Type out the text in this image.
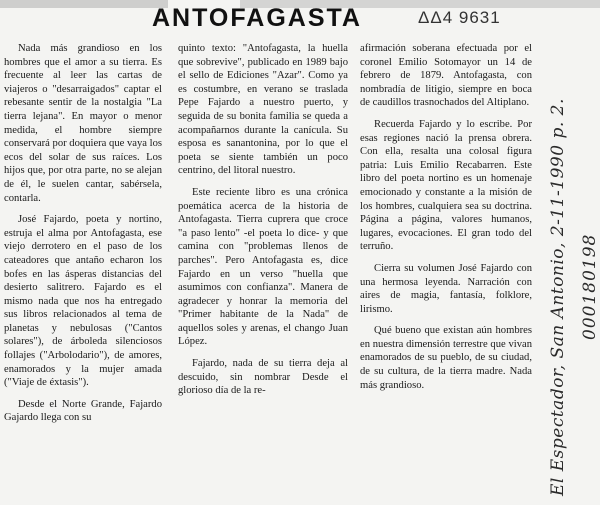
ANTOFAGASTA	ΔΔ4 9631

Nada más grandioso en los hombres que el amor a su tierra. Es frecuente al leer las cartas de viajeros o "desarraigados" captar el rebesante sentir de la nostalgia "La tierra lejana". En mayor o menor medida, el hombre siempre conservará por doquiera que vaya los ecos del solar de sus raíces. Los hijos que, por otra parte, no se alejan de él, le suelen cantar, sabérsela, contarla.

José Fajardo, poeta y nortino, estruja el alma por Antofagasta, ese viejo derrotero en el paso de los cateadores que antaño echaron los bofes en las ásperas distancias del desierto salitrero. Fajardo es el mismo nada que nos ha entregado sus libros relacionados al tema de planetas y nebulosas ("Cantos solares"), de árboleda silenciosos follajes ("Arbolodario"), de amores, enamorados y la mujer amada ("Viaje de éxtasis").

Desde el Norte Grande, Fajardo Gajardo llega con su

quinto texto: "Antofagasta, la huella que sobrevive", publicado en 1989 bajo el sello de Ediciones "Azar". Como ya es costumbre, en verano se traslada Pepe Fajardo a nuestro puerto, y seguida de su bonita familia se queda a acompañarnos durante la canícula. Su esposa es sanantonina, por lo que el poeta se siente también un poco centrino, del litoral nuestro.

Este reciente libro es una crónica poemática acerca de la historia de Antofagasta. Tierra cuprera que croce "a paso lento" -el poeta lo dice- y que camina con "problemas llenos de parches". Pero Antofagasta es, dice Fajardo en un verso "huella que asumimos con confianza". Manera de agradecer y honrar la memoria del "Primer habitante de la Nada" de aquellos soles y arenas, el chango Juan López.

Fajardo, nada de su tierra deja al descuido, sin nombrar Desde el glorioso día de la re-

afirmación soberana efectuada por el coronel Emilio Sotomayor un 14 de febrero de 1879. Antofagasta, con nombradía de litigio, siempre en boca de caudillos trasnochados del Altiplano.

Recuerda Fajardo y lo escribe. Por esas regiones nació la prensa obrera. Con ella, resalta una colosal figura patria: Luis Emilio Recabarren. Este libro del poeta nortino es un homenaje emocionado y constante a la misión de los hombres, cualquiera sea su doctrina. Página a página, valores humanos, lugares, evocaciones. El gran todo del terruño.

Cierra su volumen José Fajardo con una hermosa leyenda. Narración con aires de magia, fantasía, folklore, lirismo.

Qué bueno que existan aún hombres en nuestra dimensión terrestre que vivan enamorados de su pueblo, de su ciudad, de su cultura, de la tierra madre. Nada más grandioso.	El Espectador, San Antonio, 2-11-1990 p. 2. 000180198
